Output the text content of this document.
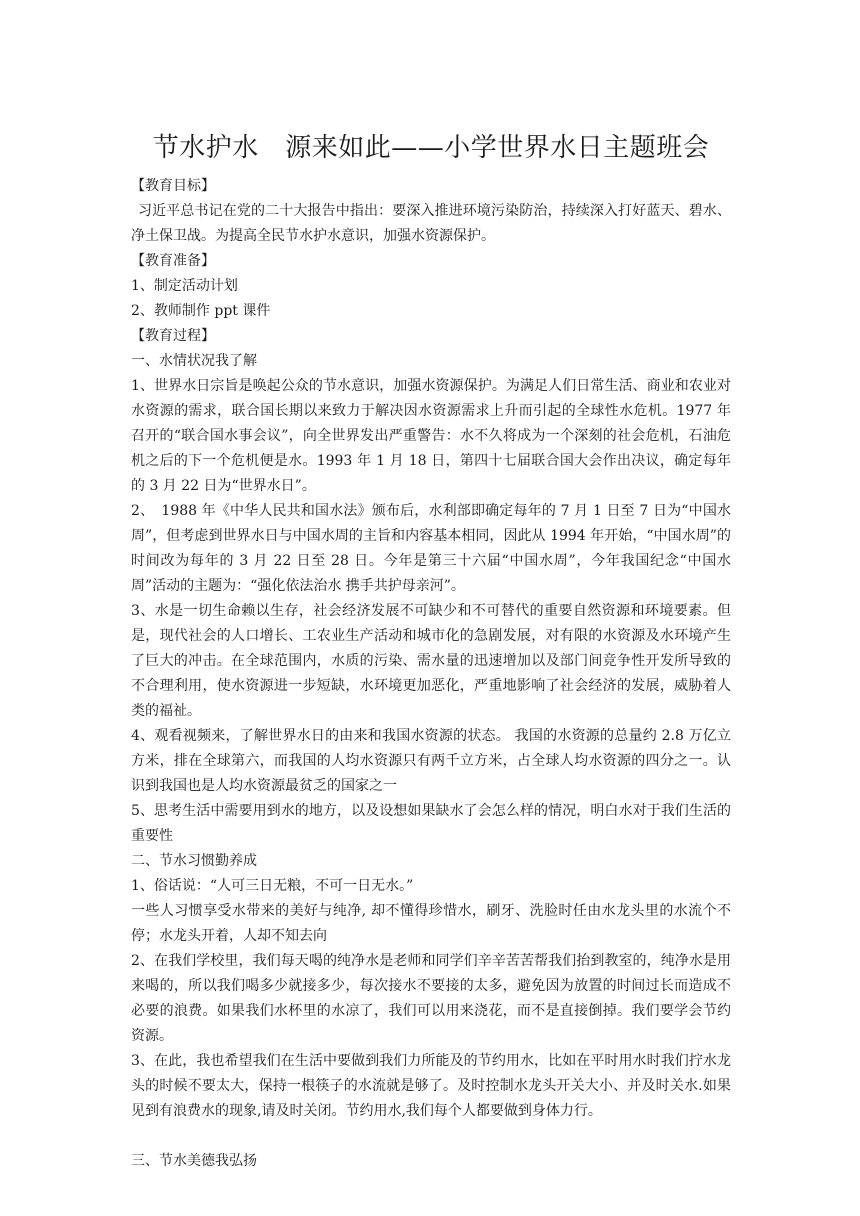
节水护水　源来如此——小学世界水日主题班会

【教育目标】

习近平总书记在党的二十大报告中指出：要深入推进环境污染防治，持续深入打好蓝天、碧水、净土保卫战。为提高全民节水护水意识，加强水资源保护。

【教育准备】

1、制定活动计划

2、教师制作 ppt 课件

【教育过程】

一、水情状况我了解

1、世界水日宗旨是唤起公众的节水意识，加强水资源保护。为满足人们日常生活、商业和农业对水资源的需求，联合国长期以来致力于解决因水资源需求上升而引起的全球性水危机。1977 年召开的“联合国水事会议”，向全世界发出严重警告：水不久将成为一个深刻的社会危机，石油危机之后的下一个危机便是水。1993 年 1 月 18 日，第四十七届联合国大会作出决议，确定每年的 3 月 22 日为“世界水日”。

2、　1988 年《中华人民共和国水法》颁布后，水利部即确定每年的 7 月 1 日至 7 日为“中国水周”，但考虑到世界水日与中国水周的主旨和内容基本相同，因此从 1994 年开始，“中国水周”的时间改为每年的 3 月 22 日至 28 日。今年是第三十六届“中国水周”，今年我国纪念“中国水周”活动的主题为：“强化依法治水 携手共护母亲河”。

3、水是一切生命赖以生存，社会经济发展不可缺少和不可替代的重要自然资源和环境要素。但是，现代社会的人口增长、工农业生产活动和城市化的急剧发展，对有限的水资源及水环境产生了巨大的冲击。在全球范围内，水质的污染、需水量的迅速增加以及部门间竞争性开发所导致的不合理利用，使水资源进一步短缺，水环境更加恶化，严重地影响了社会经济的发展，威胁着人类的福祉。

4、观看视频来，了解世界水日的由来和我国水资源的状态。 我国的水资源的总量约 2.8 万亿立方米，排在全球第六，而我国的人均水资源只有两千立方米，占全球人均水资源的四分之一。认识到我国也是人均水资源最贫乏的国家之一

5、思考生活中需要用到水的地方，以及设想如果缺水了会怎么样的情况，明白水对于我们生活的重要性

二、节水习惯勤养成

1、俗话说：“人可三日无粮，不可一日无水。”

一些人习惯享受水带来的美好与纯净, 却不懂得珍惜水，刷牙、洗脸时任由水龙头里的水流个不停；水龙头开着，人却不知去向

2、在我们学校里，我们每天喝的纯净水是老师和同学们辛辛苦苦帮我们抬到教室的，纯净水是用来喝的，所以我们喝多少就接多少，每次接水不要接的太多，避免因为放置的时间过长而造成不必要的浪费。如果我们水杯里的水凉了，我们可以用来浇花，而不是直接倒掉。我们要学会节约资源。

3、在此，我也希望我们在生活中要做到我们力所能及的节约用水，比如在平时用水时我们拧水龙头的时候不要太大，保持一根筷子的水流就是够了。及时控制水龙头开关大小、并及时关水.如果见到有浪费水的现象,请及时关闭。节约用水,我们每个人都要做到身体力行。

三、节水美德我弘扬
